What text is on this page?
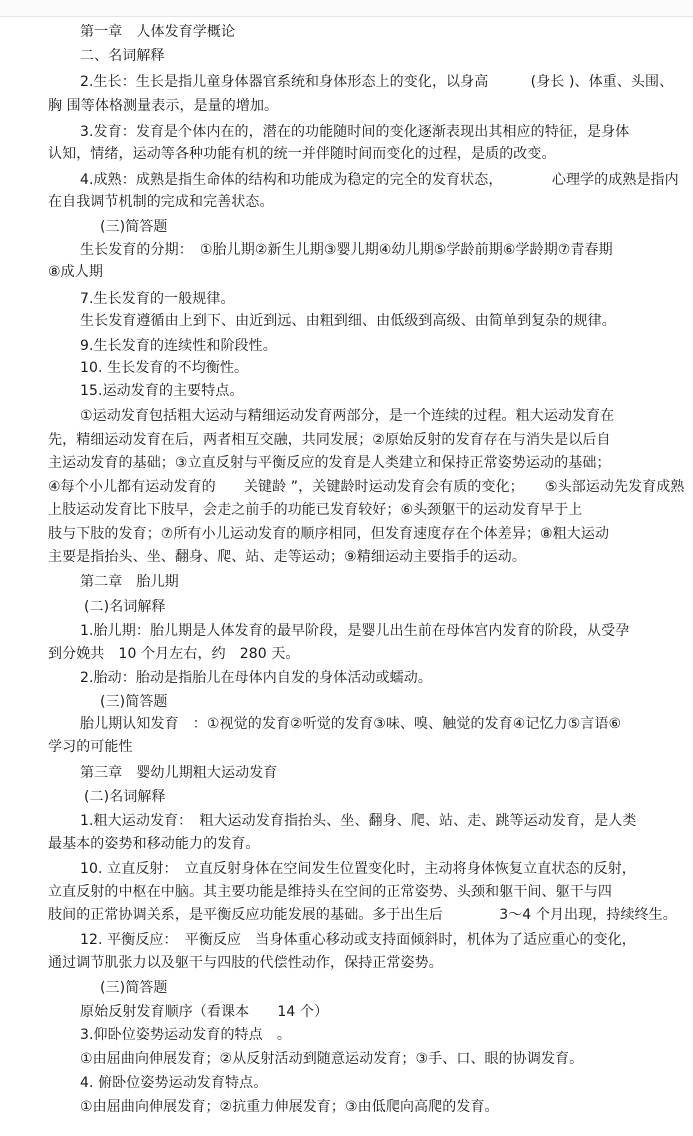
第一章　人体发育学概论
二、名词解释
2.生长：生长是指儿童身体器官系统和身体形态上的变化，以身高　　　(身长 )、体重、头围、
胸 围等体格测量表示，是量的增加。
3.发育：发育是个体内在的，潜在的功能随时间的变化逐渐表现出其相应的特征，是身体
认知，情绪，运动等各种功能有机的统一并伴随时间而变化的过程，是质的改变。
4.成熟：成熟是指生命体的结构和功能成为稳定的完全的发育状态，　　　　心理学的成熟是指内
在自我调节机制的完成和完善状态。
(三)简答题
生长发育的分期：　①胎儿期②新生儿期③婴儿期④幼儿期⑤学龄前期⑥学龄期⑦青春期
⑧成人期
7.生长发育的一般规律。
生长发育遵循由上到下、由近到远、由粗到细、由低级到高级、由简单到复杂的规律。
9.生长发育的连续性和阶段性。
10. 生长发育的不均衡性。
15.运动发育的主要特点。
①运动发育包括粗大运动与精细运动发育两部分，是一个连续的过程。粗大运动发育在
先，精细运动发育在后，两者相互交融，共同发展；②原始反射的发育存在与消失是以后自
主运动发育的基础；③立直反射与平衡反应的发育是人类建立和保持正常姿势运动的基础；
④每个小儿都有运动发育的　　关键龄 ”，关键龄时运动发育会有质的变化；　　⑤头部运动先发育成熟
上肢运动发育比下肢早，会走之前手的功能已发育较好；⑥头颈躯干的运动发育早于上
肢与下肢的发育；⑦所有小儿运动发育的顺序相同，但发育速度存在个体差异；⑧粗大运动
主要是指抬头、坐、翻身、爬、站、走等运动；⑨精细运动主要指手的运动。
第二章　胎儿期
(二)名词解释
1.胎儿期：胎儿期是人体发育的最早阶段，是婴儿出生前在母体宫内发育的阶段，从受孕
到分娩共　10 个月左右，约　280 天。
2.胎动：胎动是指胎儿在母体内自发的身体活动或蠕动。
(三)简答题
胎儿期认知发育　：①视觉的发育②听觉的发育③味、嗅、触觉的发育④记忆力⑤言语⑥
学习的可能性
第三章　婴幼儿期粗大运动发育
(二)名词解释
1.粗大运动发育：　粗大运动发育指抬头、坐、翻身、爬、站、走、跳等运动发育，是人类
最基本的姿势和移动能力的发育。
10. 立直反射：　立直反射身体在空间发生位置变化时，主动将身体恢复立直状态的反射，
立直反射的中枢在中脑。其主要功能是维持头在空间的正常姿势、头颈和躯干间、躯干与四
肢间的正常协调关系，是平衡反应功能发展的基础。多于出生后　　　　3～4 个月出现，持续终生。
12. 平衡反应：　平衡反应　当身体重心移动或支持面倾斜时，机体为了适应重心的变化，
通过调节肌张力以及躯干与四肢的代偿性动作，保持正常姿势。
(三)简答题
原始反射发育顺序（看课本　　14 个）
3.仰卧位姿势运动发育的特点　。
①由屈曲向伸展发育；②从反射活动到随意运动发育；③手、口、眼的协调发育。
4. 俯卧位姿势运动发育特点。
①由屈曲向伸展发育；②抗重力伸展发育；③由低爬向高爬的发育。
